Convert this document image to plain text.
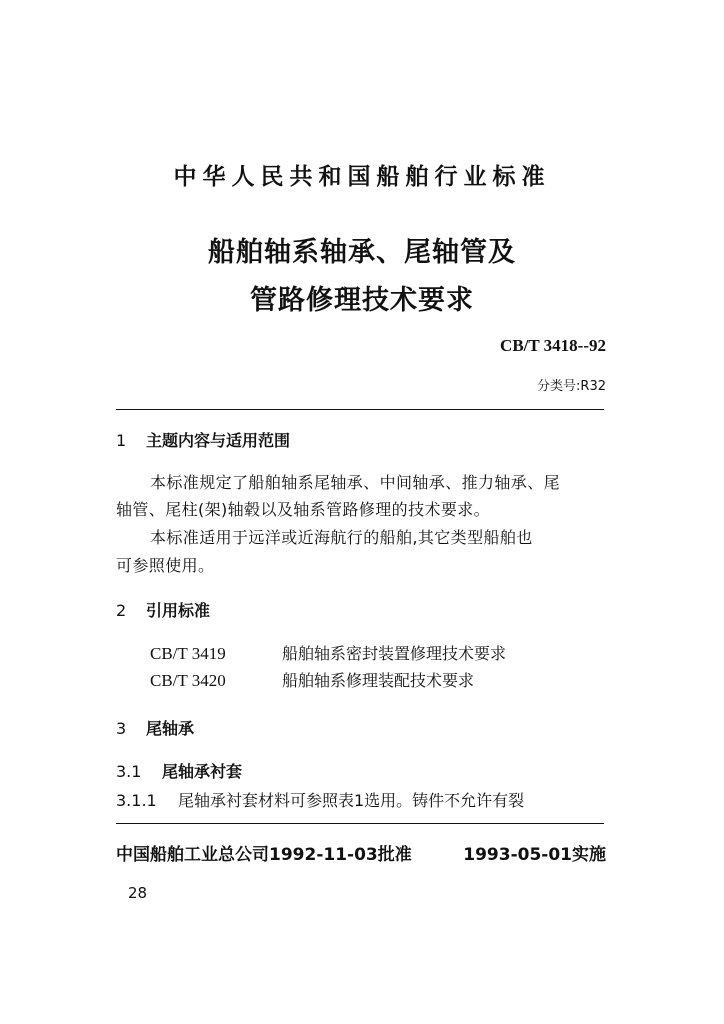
中华人民共和国船舶行业标准
船舶轴系轴承、尾轴管及
管路修理技术要求
CB/T 3418--92
分类号:R32
1 主题内容与适用范围
本标准规定了船舶轴系尾轴承、中间轴承、推力轴承、尾
轴管、尾柱(架)轴毂以及轴系管路修理的技术要求。
本标准适用于远洋或近海航行的船舶,其它类型船舶也
可参照使用。
2 引用标准
CB/T 3419	船舶轴系密封装置修理技术要求
CB/T 3420	船舶轴系修理装配技术要求
3 尾轴承
3.1 尾轴承衬套
3.1.1 尾轴承衬套材料可参照表1选用。铸件不允许有裂
中国船舶工业总公司1992-11-03批准	1993-05-01实施
28
